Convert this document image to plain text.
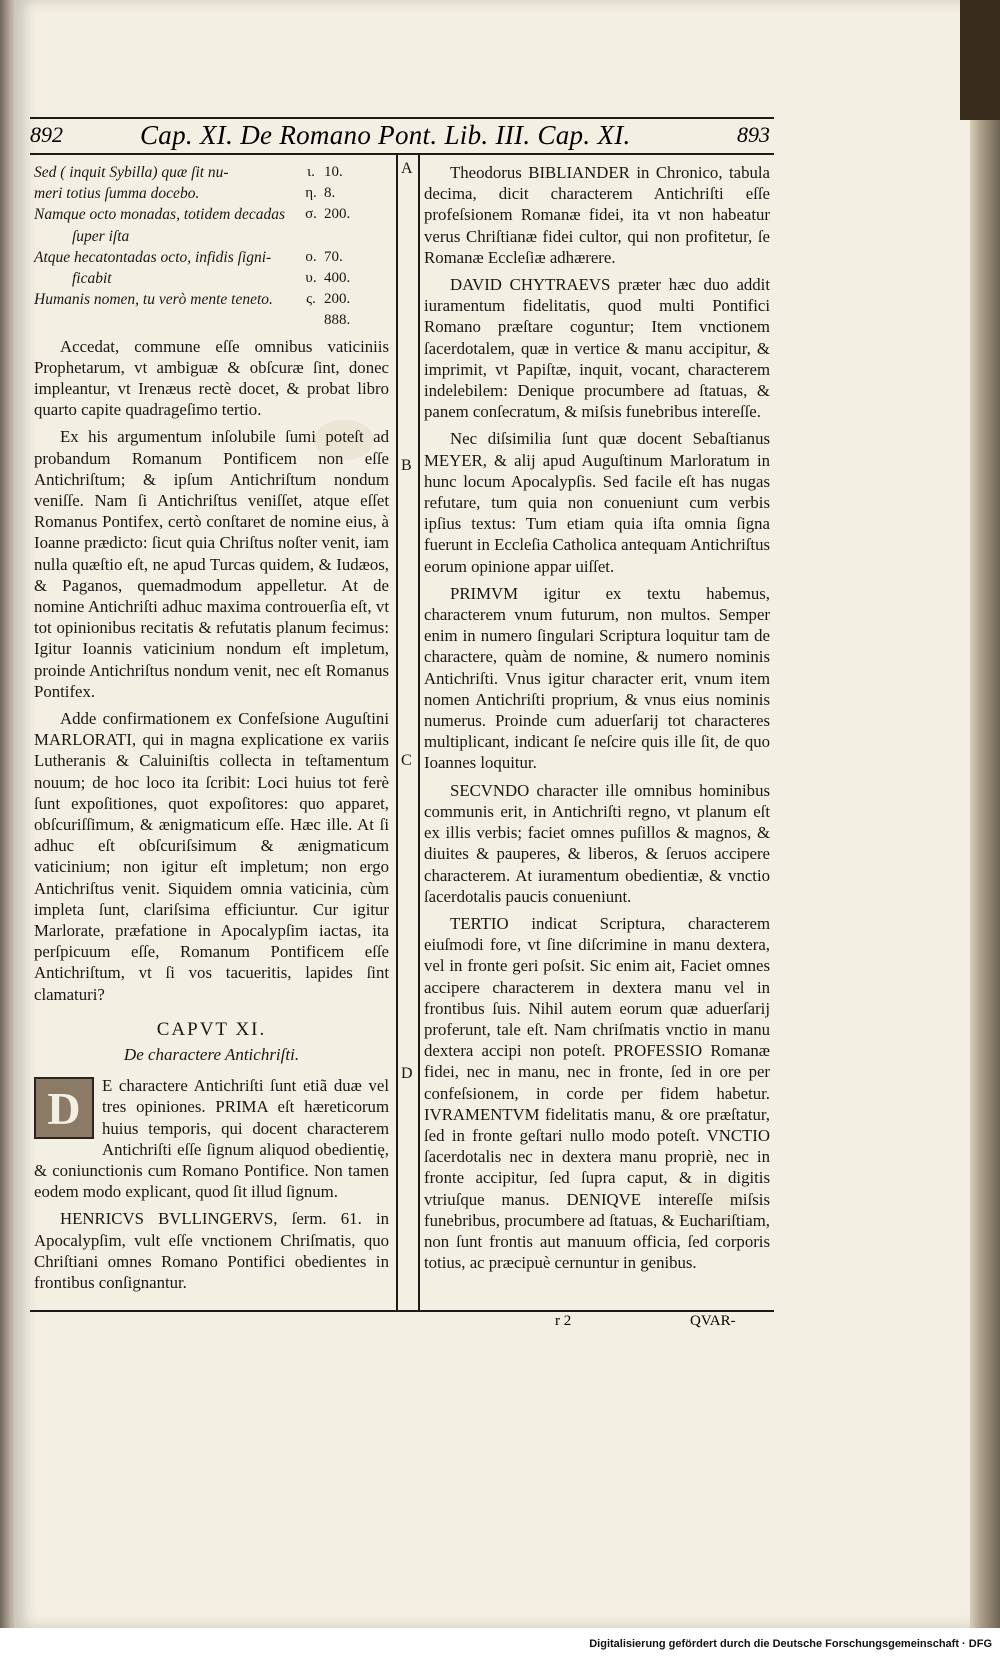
892	Cap. XI. De Romano Pont. Lib. III. Cap. XI.	893
A
B
C
D
Sed ( inquit Sybilla) quæ ſit nu-	ι. 10.
meri totius ſumma docebo.	η. 8.
Namque octo monadas, totidem decadas σ. 200.
ſuper iſta
Atque hecatontadas octo, infidis ſigni-	ο. 70.
ficabit	υ. 400.
Humanis nomen, tu verò mente teneto.	ς. 200.
888.

Accedat, commune eſſe omnibus vaticiniis Prophetarum, vt ambiguæ & obſcuræ ſint, donec impleantur, vt Irenæus rectè docet, & probat libro quarto capite quadrageſimo tertio.

Ex his argumentum inſolubile ſumi poteſt ad probandum Romanum Pontificem non eſſe Antichriſtum; & ipſum Antichriſtum nondum veniſſe. Nam ſi Antichriſtus veniſſet, atque eſſet Romanus Pontifex, certò conſtaret de nomine eius, à Ioanne prædicto: ſicut quia Chriſtus noſter venit, iam nulla quæſtio eſt, ne apud Turcas quidem, & Iudæos, & Paganos, quemadmodum appelletur. At de nomine Antichriſti adhuc maxima controuerſia eſt, vt tot opinionibus recitatis & refutatis planum fecimus: Igitur Ioannis vaticinium nondum eſt impletum, proinde Antichriſtus nondum venit, nec eſt Romanus Pontifex.

Adde confirmationem ex Confeſsione Auguſtini MARLORATI, qui in magna explicatione ex variis Lutheranis & Caluiniſtis collecta in teſtamentum nouum; de hoc loco ita ſcribit: Loci huius tot ferè ſunt expoſitiones, quot expoſitores: quo apparet, obſcuriſſimum, & ænigmaticum eſſe. Hæc ille. At ſi adhuc eſt obſcuriſsimum & ænigmaticum vaticinium; non igitur eſt impletum; non ergo Antichriſtus venit. Siquidem omnia vaticinia, cùm impleta ſunt, clariſsima efficiuntur. Cur igitur Marlorate, præfatione in Apocalypſim iactas, ita perſpicuum eſſe, Romanum Pontificem eſſe Antichriſtum, vt ſi vos tacueritis, lapides ſint clamaturi?

CAPVT XI.
De charactere Antichriſti.
D	E charactere Antichriſti ſunt etiã duæ vel tres opiniones. PRIMA eſt hæreticorum huius temporis, qui docent characterem Antichriſti eſſe ſignum aliquod obedientię, & coniunctionis cum Romano Pontifice. Non tamen eodem modo explicant, quod ſit illud ſignum.

HENRICVS BVLLINGERVS, ſerm. 61. in Apocalypſim, vult eſſe vnctionem Chriſmatis, quo Chriſtiani omnes Romano Pontifici obedientes in frontibus conſignantur.

Theodorus BIBLIANDER in Chronico, tabula decima, dicit characterem Antichriſti eſſe profeſsionem Romanæ fidei, ita vt non habeatur verus Chriſtianæ fidei cultor, qui non profitetur, ſe Romanæ Eccleſiæ adhærere.

DAVID CHYTRAEVS præter hæc duo addit iuramentum fidelitatis, quod multi Pontifici Romano præſtare coguntur; Item vnctionem ſacerdotalem, quæ in vertice & manu accipitur, & imprimit, vt Papiſtæ, inquit, vocant, characterem indelebilem: Denique procumbere ad ſtatuas, & panem conſecratum, & miſsis funebribus intereſſe.

Nec diſsimilia ſunt quæ docent Sebaſtianus MEYER, & alij apud Auguſtinum Marloratum in hunc locum Apocalypſis. Sed facile eſt has nugas refutare, tum quia non conueniunt cum verbis ipſius textus: Tum etiam quia iſta omnia ſigna fuerunt in Eccleſia Catholica antequam Antichriſtus eorum opinione appar uiſſet.

PRIMVM igitur ex textu habemus, characterem vnum futurum, non multos. Semper enim in numero ſingulari Scriptura loquitur tam de charactere, quàm de nomine, & numero nominis Antichriſti. Vnus igitur character erit, vnum item nomen Antichriſti proprium, & vnus eius nominis numerus. Proinde cum aduerſarij tot characteres multiplicant, indicant ſe neſcire quis ille ſit, de quo Ioannes loquitur.

SECVNDO character ille omnibus hominibus communis erit, in Antichriſti regno, vt planum eſt ex illis verbis; faciet omnes puſillos & magnos, & diuites & pauperes, & liberos, & ſeruos accipere characterem. At iuramentum obedientiæ, & vnctio ſacerdotalis paucis conueniunt.

TERTIO indicat Scriptura, characterem eiuſmodi fore, vt ſine diſcrimine in manu dextera, vel in fronte geri poſsit. Sic enim ait, Faciet omnes accipere characterem in dextera manu vel in frontibus ſuis. Nihil autem eorum quæ aduerſarij proferunt, tale eſt. Nam chriſmatis vnctio in manu dextera accipi non poteſt. PROFESSIO Romanæ fidei, nec in manu, nec in fronte, ſed in ore per confeſsionem, in corde per fidem habetur. IVRAMENTVM fidelitatis manu, & ore præſtatur, ſed in fronte geſtari nullo modo poteſt. VNCTIO ſacerdotalis nec in dextera manu propriè, nec in fronte accipitur, ſed ſupra caput, & in digitis vtriuſque manus. DENIQVE intereſſe miſsis funebribus, procumbere ad ſtatuas, & Euchariſtiam, non ſunt frontis aut manuum officia, ſed corporis totius, ac præcipuè cernuntur in genibus.

r 2	QVAR-
Digitalisierung gefördert durch die Deutsche Forschungsgemeinschaft · DFG
